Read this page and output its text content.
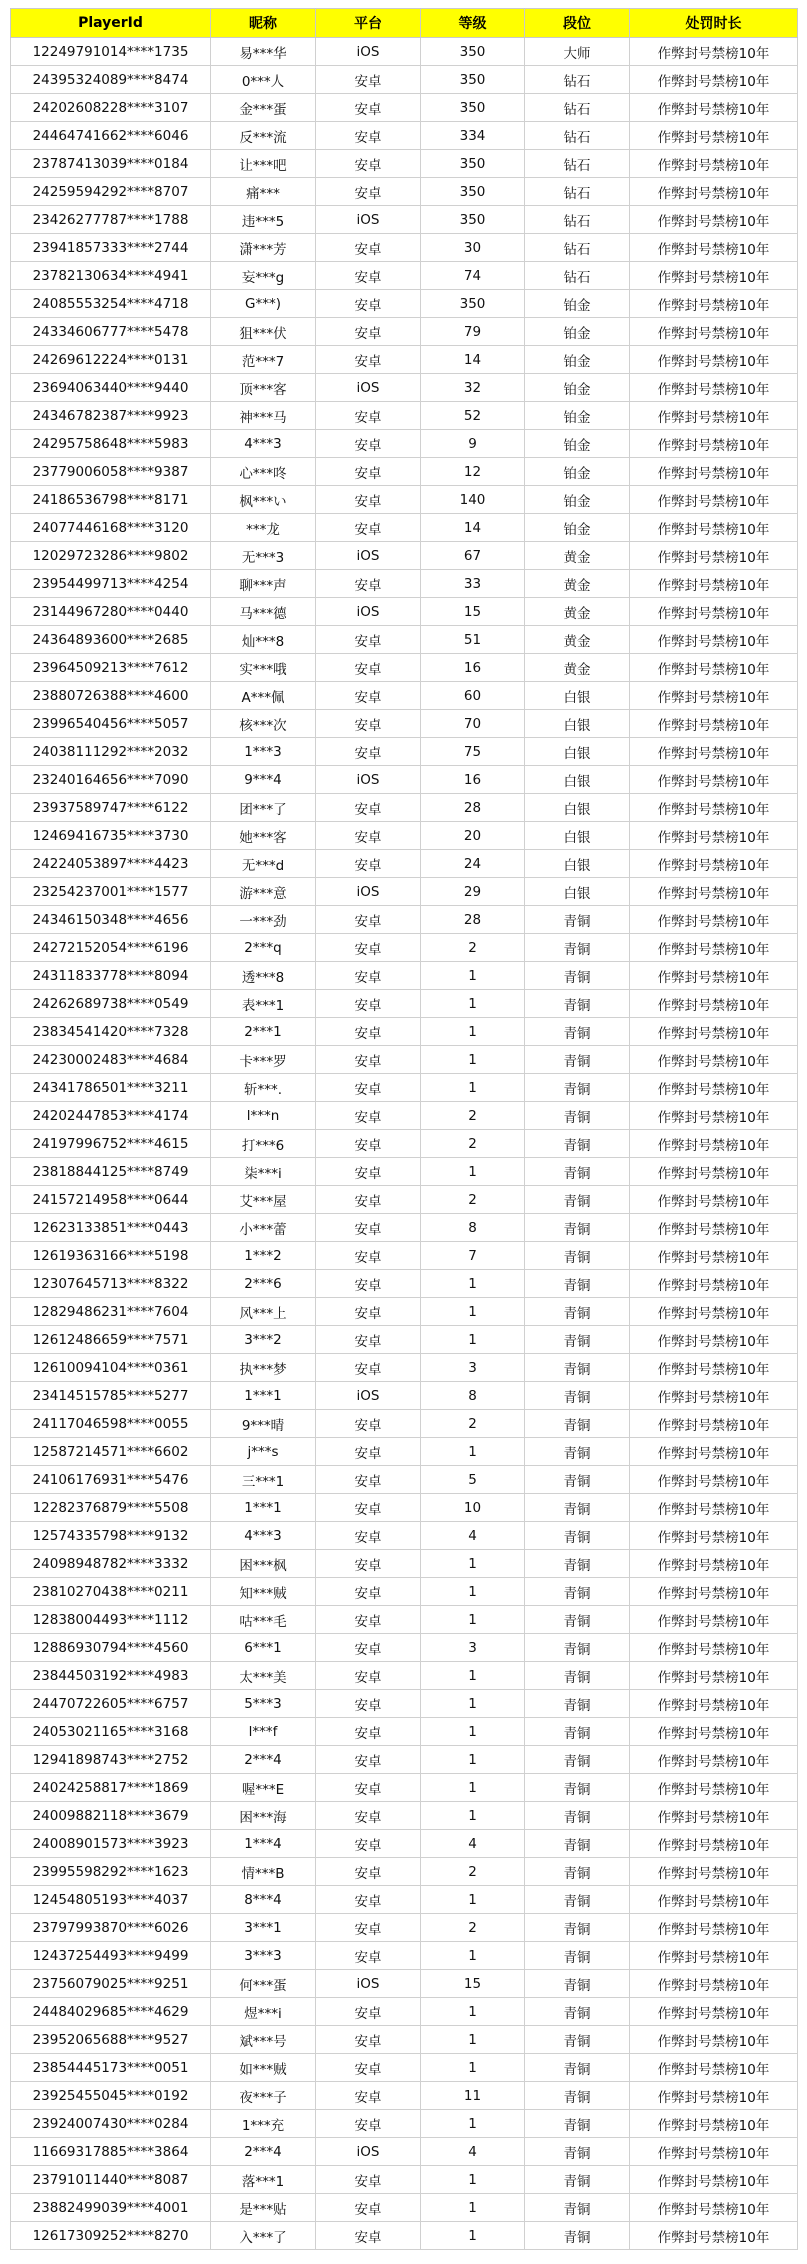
PlayerId	昵称	平台	等级	段位	处罚时长
12249791014****1735	易***华	iOS	350	大师	作弊封号禁榜10年
24395324089****8474	0***人	安卓	350	钻石	作弊封号禁榜10年
24202608228****3107	金***蛋	安卓	350	钻石	作弊封号禁榜10年
24464741662****6046	反***流	安卓	334	钻石	作弊封号禁榜10年
23787413039****0184	让***吧	安卓	350	钻石	作弊封号禁榜10年
24259594292****8707	痛***	安卓	350	钻石	作弊封号禁榜10年
23426277787****1788	违***5	iOS	350	钻石	作弊封号禁榜10年
23941857333****2744	潇***芳	安卓	30	钻石	作弊封号禁榜10年
23782130634****4941	妄***g	安卓	74	钻石	作弊封号禁榜10年
24085553254****4718	G***)	安卓	350	铂金	作弊封号禁榜10年
24334606777****5478	狙***伏	安卓	79	铂金	作弊封号禁榜10年
24269612224****0131	范***7	安卓	14	铂金	作弊封号禁榜10年
23694063440****9440	顶***客	iOS	32	铂金	作弊封号禁榜10年
24346782387****9923	神***马	安卓	52	铂金	作弊封号禁榜10年
24295758648****5983	4***3	安卓	9	铂金	作弊封号禁榜10年
23779006058****9387	心***咚	安卓	12	铂金	作弊封号禁榜10年
24186536798****8171	枫***い	安卓	140	铂金	作弊封号禁榜10年
24077446168****3120	***龙	安卓	14	铂金	作弊封号禁榜10年
12029723286****9802	无***3	iOS	67	黄金	作弊封号禁榜10年
23954499713****4254	聊***声	安卓	33	黄金	作弊封号禁榜10年
23144967280****0440	马***德	iOS	15	黄金	作弊封号禁榜10年
24364893600****2685	灿***8	安卓	51	黄金	作弊封号禁榜10年
23964509213****7612	实***哦	安卓	16	黄金	作弊封号禁榜10年
23880726388****4600	A***佩	安卓	60	白银	作弊封号禁榜10年
23996540456****5057	核***次	安卓	70	白银	作弊封号禁榜10年
24038111292****2032	1***3	安卓	75	白银	作弊封号禁榜10年
23240164656****7090	9***4	iOS	16	白银	作弊封号禁榜10年
23937589747****6122	团***了	安卓	28	白银	作弊封号禁榜10年
12469416735****3730	她***客	安卓	20	白银	作弊封号禁榜10年
24224053897****4423	无***d	安卓	24	白银	作弊封号禁榜10年
23254237001****1577	游***意	iOS	29	白银	作弊封号禁榜10年
24346150348****4656	一***劲	安卓	28	青铜	作弊封号禁榜10年
24272152054****6196	2***q	安卓	2	青铜	作弊封号禁榜10年
24311833778****8094	透***8	安卓	1	青铜	作弊封号禁榜10年
24262689738****0549	表***1	安卓	1	青铜	作弊封号禁榜10年
23834541420****7328	2***1	安卓	1	青铜	作弊封号禁榜10年
24230002483****4684	卡***罗	安卓	1	青铜	作弊封号禁榜10年
24341786501****3211	斩***.	安卓	1	青铜	作弊封号禁榜10年
24202447853****4174	l***n	安卓	2	青铜	作弊封号禁榜10年
24197996752****4615	打***6	安卓	2	青铜	作弊封号禁榜10年
23818844125****8749	柒***i	安卓	1	青铜	作弊封号禁榜10年
24157214958****0644	艾***屋	安卓	2	青铜	作弊封号禁榜10年
12623133851****0443	小***蕾	安卓	8	青铜	作弊封号禁榜10年
12619363166****5198	1***2	安卓	7	青铜	作弊封号禁榜10年
12307645713****8322	2***6	安卓	1	青铜	作弊封号禁榜10年
12829486231****7604	风***上	安卓	1	青铜	作弊封号禁榜10年
12612486659****7571	3***2	安卓	1	青铜	作弊封号禁榜10年
12610094104****0361	执***梦	安卓	3	青铜	作弊封号禁榜10年
23414515785****5277	1***1	iOS	8	青铜	作弊封号禁榜10年
24117046598****0055	9***晴	安卓	2	青铜	作弊封号禁榜10年
12587214571****6602	j***s	安卓	1	青铜	作弊封号禁榜10年
24106176931****5476	三***1	安卓	5	青铜	作弊封号禁榜10年
12282376879****5508	1***1	安卓	10	青铜	作弊封号禁榜10年
12574335798****9132	4***3	安卓	4	青铜	作弊封号禁榜10年
24098948782****3332	困***枫	安卓	1	青铜	作弊封号禁榜10年
23810270438****0211	知***贼	安卓	1	青铜	作弊封号禁榜10年
12838004493****1112	咕***毛	安卓	1	青铜	作弊封号禁榜10年
12886930794****4560	6***1	安卓	3	青铜	作弊封号禁榜10年
23844503192****4983	太***美	安卓	1	青铜	作弊封号禁榜10年
24470722605****6757	5***3	安卓	1	青铜	作弊封号禁榜10年
24053021165****3168	l***f	安卓	1	青铜	作弊封号禁榜10年
12941898743****2752	2***4	安卓	1	青铜	作弊封号禁榜10年
24024258817****1869	喔***E	安卓	1	青铜	作弊封号禁榜10年
24009882118****3679	困***海	安卓	1	青铜	作弊封号禁榜10年
24008901573****3923	1***4	安卓	4	青铜	作弊封号禁榜10年
23995598292****1623	情***B	安卓	2	青铜	作弊封号禁榜10年
12454805193****4037	8***4	安卓	1	青铜	作弊封号禁榜10年
23797993870****6026	3***1	安卓	2	青铜	作弊封号禁榜10年
12437254493****9499	3***3	安卓	1	青铜	作弊封号禁榜10年
23756079025****9251	何***蛋	iOS	15	青铜	作弊封号禁榜10年
24484029685****4629	煜***i	安卓	1	青铜	作弊封号禁榜10年
23952065688****9527	斌***号	安卓	1	青铜	作弊封号禁榜10年
23854445173****0051	如***贼	安卓	1	青铜	作弊封号禁榜10年
23925455045****0192	夜***子	安卓	11	青铜	作弊封号禁榜10年
23924007430****0284	1***充	安卓	1	青铜	作弊封号禁榜10年
11669317885****3864	2***4	iOS	4	青铜	作弊封号禁榜10年
23791011440****8087	落***1	安卓	1	青铜	作弊封号禁榜10年
23882499039****4001	是***贴	安卓	1	青铜	作弊封号禁榜10年
12617309252****8270	入***了	安卓	1	青铜	作弊封号禁榜10年
